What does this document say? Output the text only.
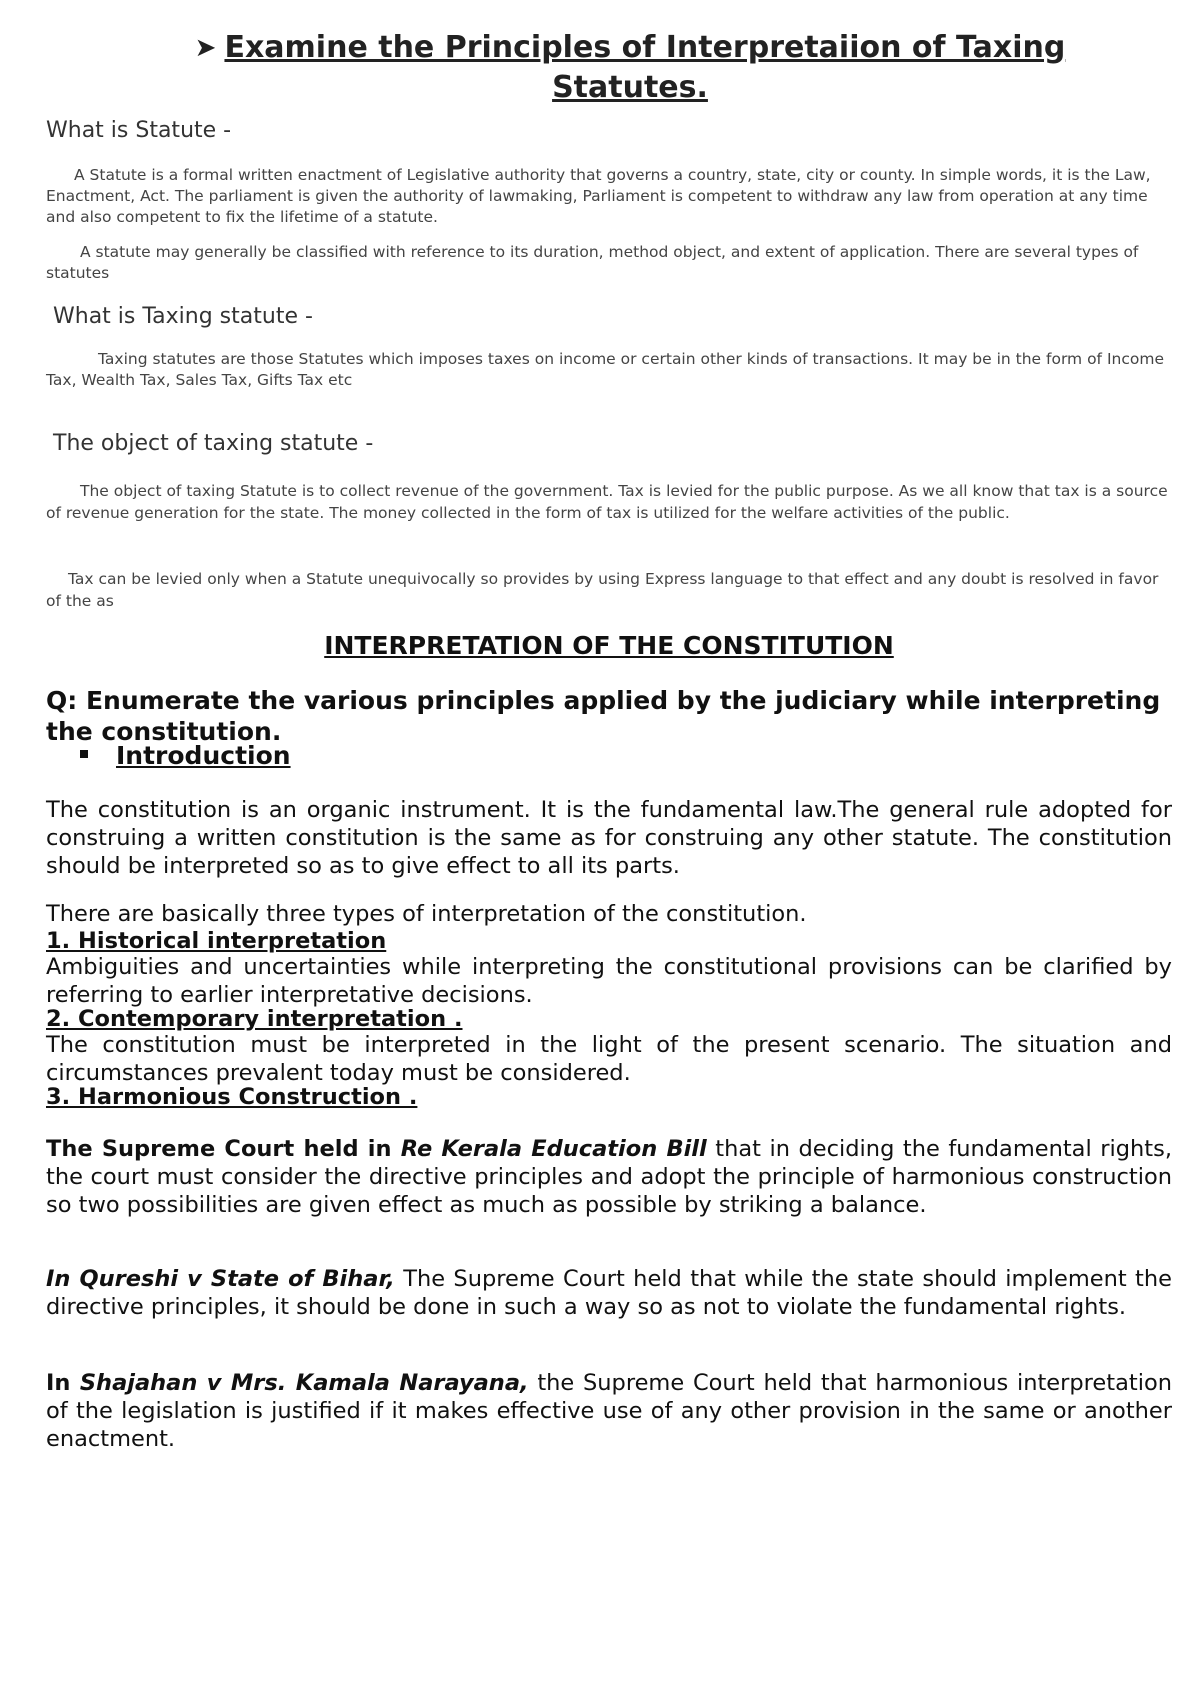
➤ Examine the Principles of Interpretaiion of Taxing Statutes.
What is Statute -

A Statute is a formal written enactment of Legislative authority that governs a country, state, city or county. In simple words, it is the Law, Enactment, Act. The parliament is given the authority of lawmaking, Parliament is competent to withdraw any law from operation at any time and also competent to fix the lifetime of a statute.

A statute may generally be classified with reference to its duration, method object, and extent of application. There are several types of statutes

What is Taxing statute -

Taxing statutes are those Statutes which imposes taxes on income or certain other kinds of transactions. It may be in the form of Income Tax, Wealth Tax, Sales Tax, Gifts Tax etc

The object of taxing statute -

The object of taxing Statute is to collect revenue of the government. Tax is levied for the public purpose. As we all know that tax is a source of revenue generation for the state. The money collected in the form of tax is utilized for the welfare activities of the public.

Tax can be levied only when a Statute unequivocally so provides by using Express language to that effect and any doubt is resolved in favor of the as

INTERPRETATION OF THE CONSTITUTION

Q: Enumerate the various principles applied by the judiciary while interpreting the constitution.

Introduction

The constitution is an organic instrument. It is the fundamental law.The general rule adopted for construing a written constitution is the same as for construing any other statute. The constitution should be interpreted so as to give effect to all its parts.

There are basically three types of interpretation of the constitution.

1. Historical interpretation

Ambiguities and uncertainties while interpreting the constitutional provisions can be clarified by referring to earlier interpretative decisions.

2. Contemporary interpretation .

The constitution must be interpreted in the light of the present scenario. The situation and circumstances prevalent today must be considered.

3. Harmonious Construction .

The Supreme Court held in Re Kerala Education Bill that in deciding the fundamental rights, the court must consider the directive principles and adopt the principle of harmonious construction so two possibilities are given effect as much as possible by striking a balance.

In Qureshi v State of Bihar, The Supreme Court held that while the state should implement the directive principles, it should be done in such a way so as not to violate the fundamental rights.

In Shajahan v Mrs. Kamala Narayana, the Supreme Court held that harmonious interpretation of the legislation is justified if it makes effective use of any other provision in the same or another enactment.
